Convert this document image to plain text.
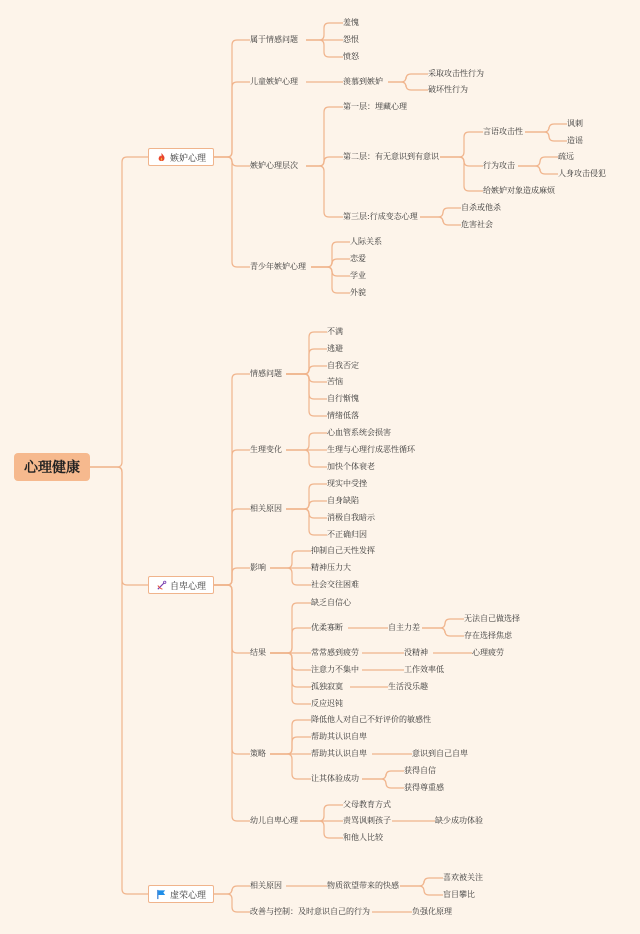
心理健康
嫉妒心理
自卑心理
虚荣心理
属于情感问题
羞愧
怨恨
愤怒
儿童嫉妒心理	羡慕到嫉妒
采取攻击性行为
破坏性行为
嫉妒心理层次
第一层：埋藏心理
第二层：有无意识到有意识
言语攻击性
讽刺
造谣
行为攻击
疏远
人身攻击侵犯
给嫉妒对象造成麻烦
第三层:行成变态心理
自杀或他杀
危害社会
青少年嫉妒心理
人际关系
恋爱
学业
外貌
情感问题
不满
逃避
自我否定
苦恼
自行惭愧
情绪低落
生理变化
心血管系统会损害
生理与心理行成恶性循环
加快个体衰老
相关原因
现实中受挫
自身缺陷
消极自我暗示
不正确归因
影响
抑制自己天性发挥
精神压力大
社会交往困难
结果
缺乏自信心
优柔寡断	自主力差
无法自己做选择
存在选择焦虑
常常感到疲劳	没精神	心理疲劳
注意力不集中	工作效率低
孤独寂寞	生活没乐趣
反应迟钝
策略
降低他人对自己不好评价的敏感性
帮助其认识自卑
帮助其认识自卑	意识到自己自卑
让其体验成功
获得自信
获得尊重感
幼儿自卑心理
父母教育方式
责骂讽刺孩子	缺少成功体验
和他人比较
相关原因	物质欲望带来的快感
喜欢被关注
盲目攀比
改善与控制：及时意识自己的行为	负强化原理
